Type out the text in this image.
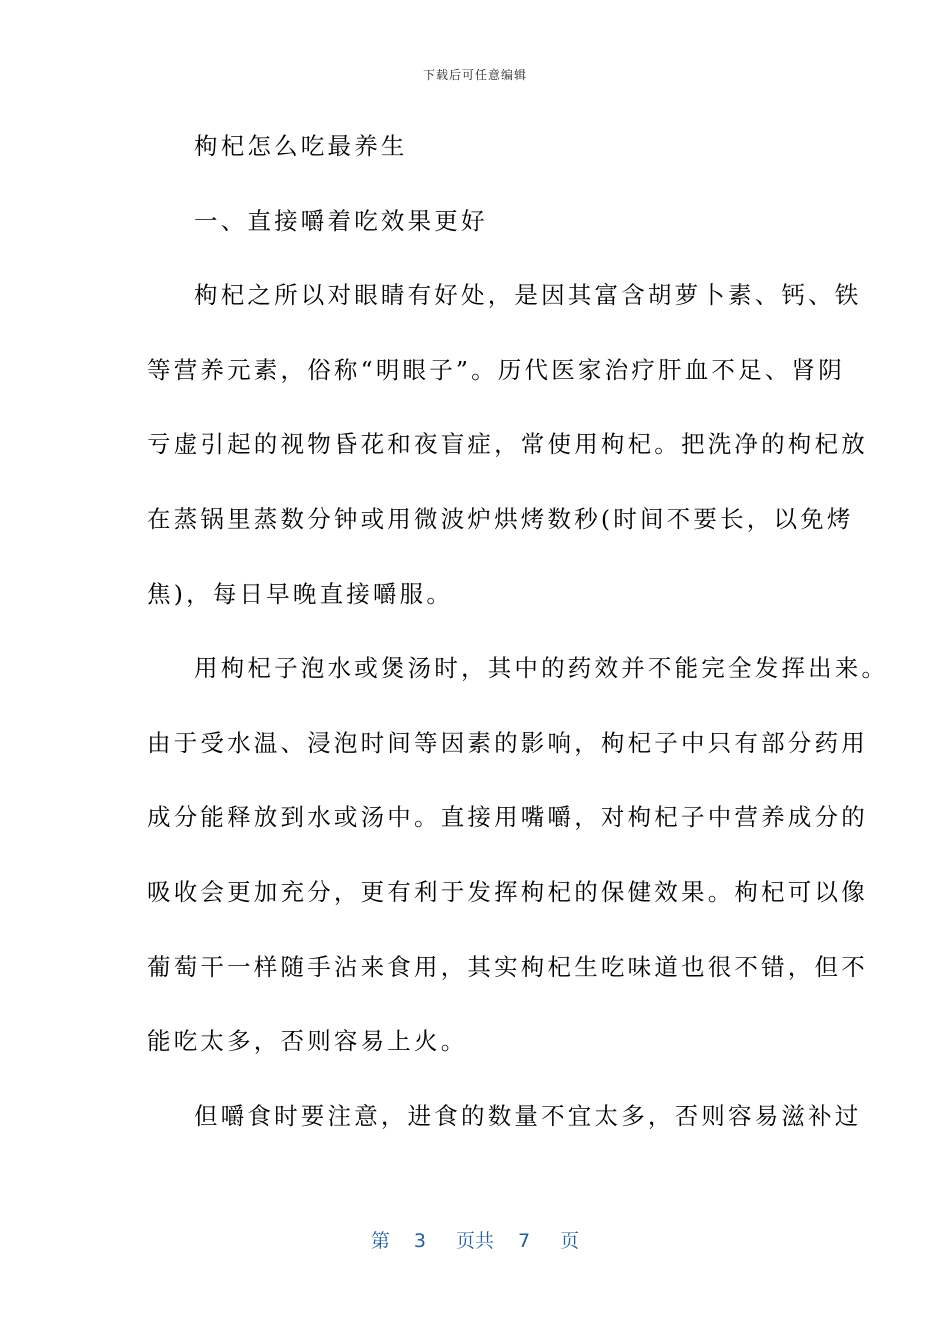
下载后可任意编辑
枸杞怎么吃最养生
一、直接嚼着吃效果更好
枸杞之所以对眼睛有好处，是因其富含胡萝卜素、钙、铁
等营养元素，俗称“明眼子”。历代医家治疗肝血不足、肾阴
亏虚引起的视物昏花和夜盲症，常使用枸杞。把洗净的枸杞放
在蒸锅里蒸数分钟或用微波炉烘烤数秒(时间不要长，以免烤
焦)，每日早晚直接嚼服。
用枸杞子泡水或煲汤时，其中的药效并不能完全发挥出来。
由于受水温、浸泡时间等因素的影响，枸杞子中只有部分药用
成分能释放到水或汤中。直接用嘴嚼，对枸杞子中营养成分的
吸收会更加充分，更有利于发挥枸杞的保健效果。枸杞可以像
葡萄干一样随手沾来食用，其实枸杞生吃味道也很不错，但不
能吃太多，否则容易上火。
但嚼食时要注意，进食的数量不宜太多，否则容易滋补过
第 3 页共 7 页
